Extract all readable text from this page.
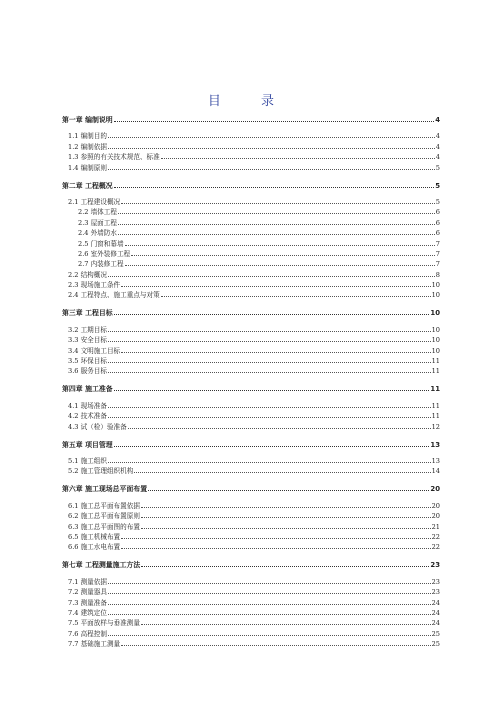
目 录
第一章 编制说明	4
1.1 编制目的	4
1.2 编制依据	4
1.3 参照的有关技术规范、标准	4
1.4 编制原则	5
第二章 工程概况	5
2.1 工程建设概况	5
2.2 墙体工程	6
2.3 屋面工程	6
2.4 外墙防水	6
2.5 门窗和幕墙	7
2.6 室外装修工程	7
2.7 内装修工程	7
2.2 结构概况	8
2.3 现场施工条件	10
2.4 工程特点、施工重点与对策	10
第三章 工程目标	10
3.2 工期目标	10
3.3 安全目标	10
3.4 文明施工目标	10
3.5 环保目标	11
3.6 服务目标	11
第四章 施工准备	11
4.1 现场准备	11
4.2 技术准备	11
4.3 试（检）验准备	12
第五章 项目管理	13
5.1 施工组织	13
5.2 施工管理组织机构	14
第六章 施工现场总平面布置	20
6.1 施工总平面布置依据	20
6.2 施工总平面布置原则	20
6.3 施工总平面图的布置	21
6.5 施工机械布置	22
6.6 施工水电布置	22
第七章 工程测量施工方法	23
7.1 测量依据	23
7.2 测量器具	23
7.3 测量准备	24
7.4 建筑定位	24
7.5 平面放样与垂准测量	24
7.6 高程控制	25
7.7 基础施工测量	25
